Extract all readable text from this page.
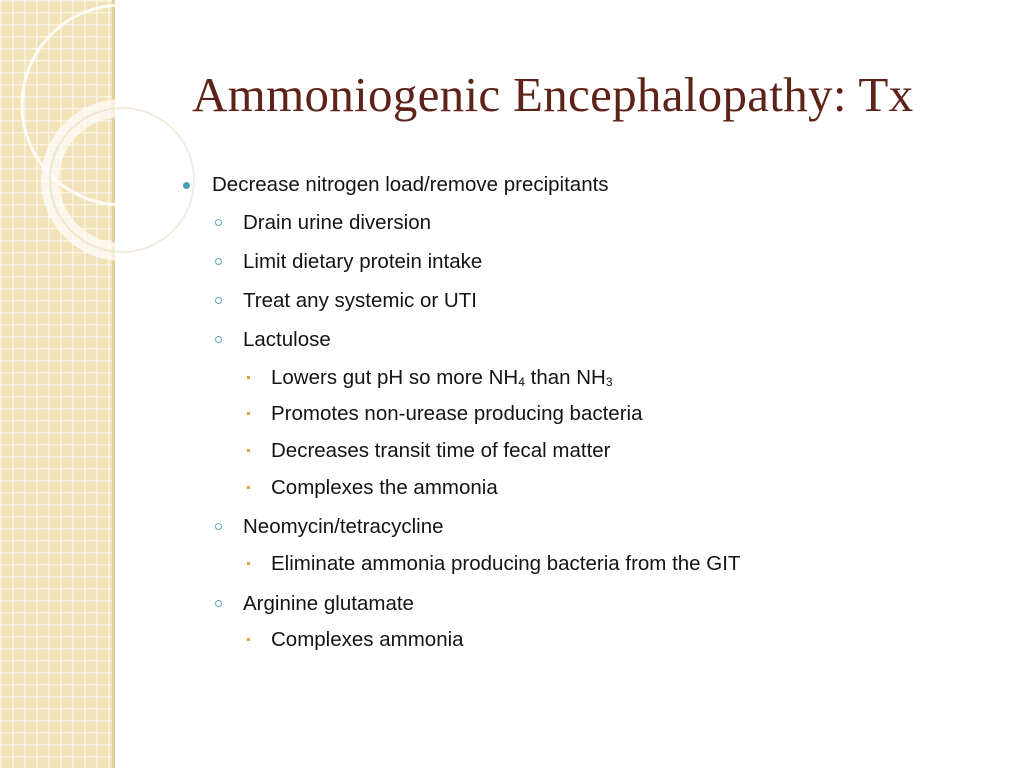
Ammoniogenic Encephalopathy: Tx
Decrease nitrogen load/remove precipitants
Drain urine diversion
Limit dietary protein intake
Treat any systemic or UTI
Lactulose
Lowers gut pH so more $NH_4$ than $NH_3$
Promotes non-urease producing bacteria
Decreases transit time of fecal matter
Complexes the ammonia
Neomycin/tetracycline
Eliminate ammonia producing bacteria from the GIT
Arginine glutamate
Complexes ammonia
